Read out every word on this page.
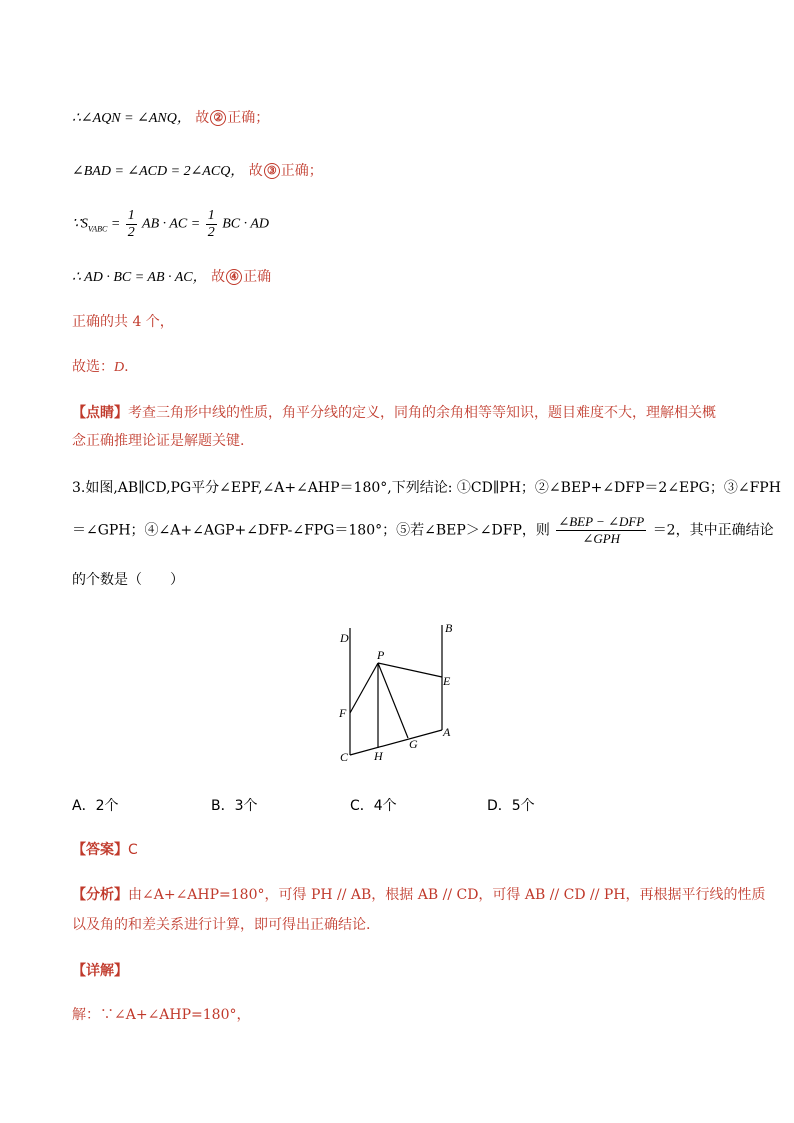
∴∠AQN = ∠ANQ， 故 ② 正确；
∠BAD = ∠ACD = 2∠ACQ， 故 ③ 正确；
$\because S_{VABC} = \frac{1}{2}$ AB · AC = $\frac{1}{2}$ BC · AD
∴ AD · BC = AB · AC， 故 ④ 正确
正确的共 4 个，
故选：D.
【点睛】考查三角形中线的性质，角平分线的定义，同角的余角相等等知识，题目难度不大，理解相关概
念正确推理论证是解题关键.
3.如图,AB∥CD,PG平分∠EPF,∠A+∠AHP＝180°,下列结论: ①CD∥PH；②∠BEP+∠DFP＝2∠EPG；③∠FPH
＝∠GPH；④∠A+∠AGP+∠DFP-∠FPG＝180°；⑤若∠BEP＞∠DFP，则 $\frac{\text{∠BEP − ∠DFP}}{\text{∠GPH}} =2$，其中正确结论
的个数是（　　）
D
P
B
E
F
A
G
C H
A．2个	B．3个	C．4个	D．5个
【答案】C
【分析】由∠A+∠AHP=180°，可得 PH // AB，根据 AB // CD，可得 AB // CD // PH，再根据平行线的性质
以及角的和差关系进行计算，即可得出正确结论.
【详解】
解：∵∠A+∠AHP=180°，
